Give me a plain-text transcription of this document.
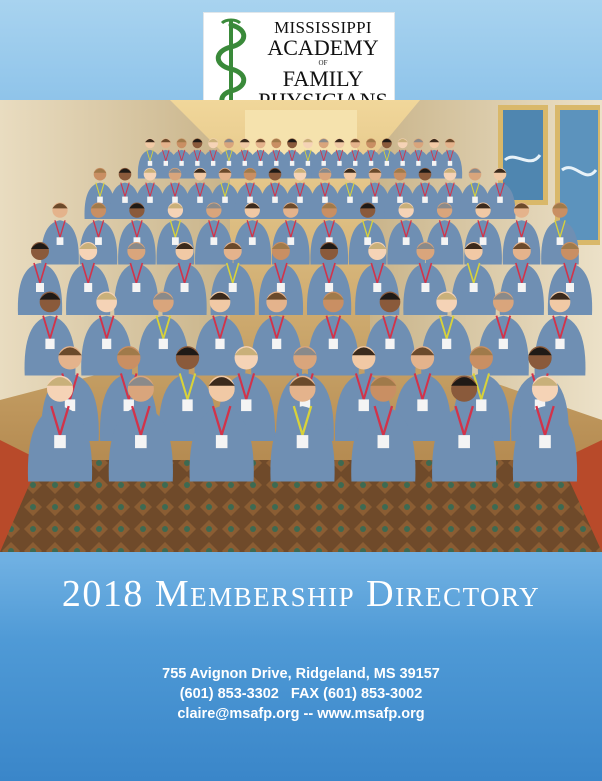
MISSISSIPPI
ACADEMY
OF
FAMILY
2018 Membership Directory
755 Avignon Drive, Ridgeland, MS 39157
(601) 853-3302 FAX (601) 853-3002
claire@msafp.org -- www.msafp.org
